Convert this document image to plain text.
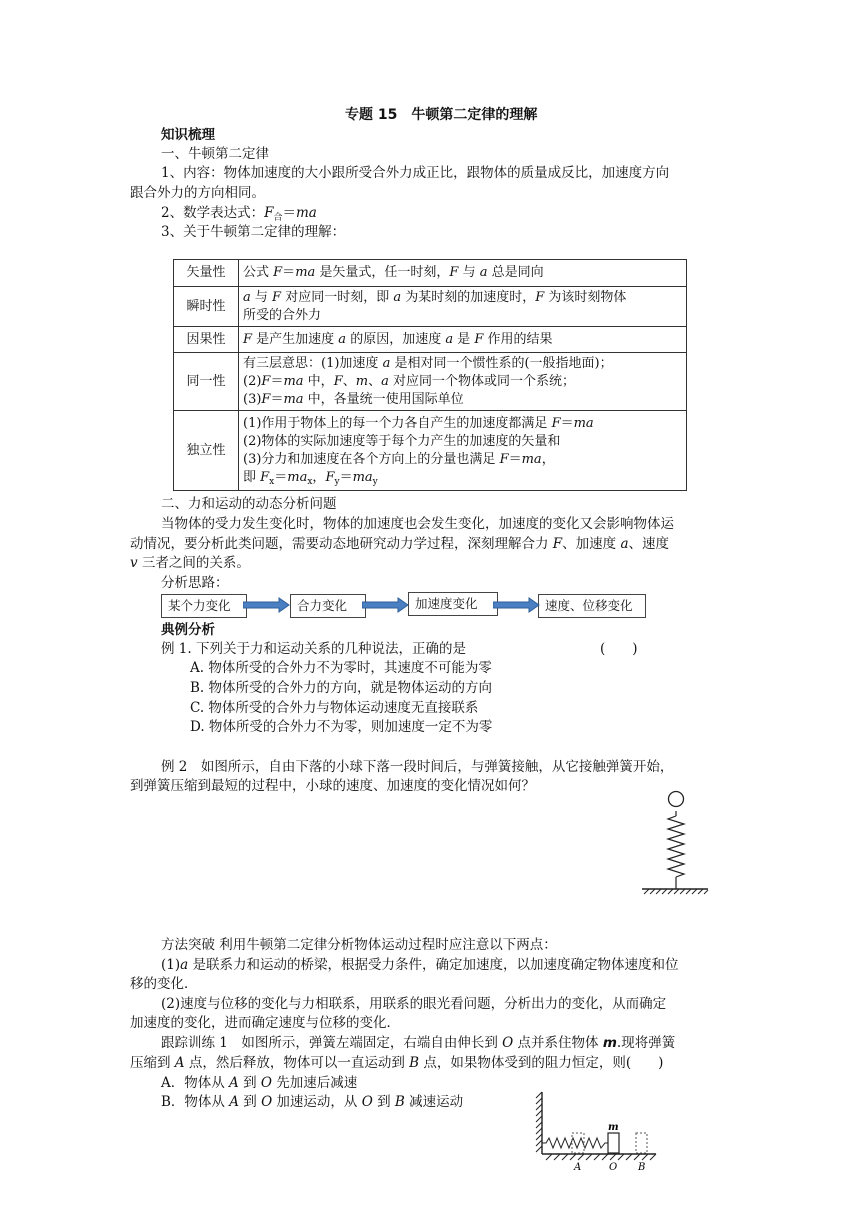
专题 15　牛顿第二定律的理解
知识梳理
一、牛顿第二定律
1、内容：物体加速度的大小跟所受合外力成正比，跟物体的质量成反比，加速度方向
跟合外力的方向相同。
2、数学表达式：$F_合=ma$
3、关于牛顿第二定律的理解：
矢量性	公式 F＝ma 是矢量式，任一时刻，F 与 a 总是同向
瞬时性	a 与 F 对应同一时刻，即 a 为某时刻的加速度时，F 为该时刻物体
所受的合外力
因果性	F 是产生加速度 a 的原因，加速度 a 是 F 作用的结果
同一性	有三层意思：(1)加速度 a 是相对同一个惯性系的(一般指地面)；
(2)F＝ma 中，F、m、a 对应同一个物体或同一个系统；
(3)F＝ma 中，各量统一使用国际单位
独立性	(1)作用于物体上的每一个力各自产生的加速度都满足 F＝ma
(2)物体的实际加速度等于每个力产生的加速度的矢量和
(3)分力和加速度在各个方向上的分量也满足 F＝ma，
即 $F_x=ma_x$，$F_y=ma_y$
二、力和运动的动态分析问题
当物体的受力发生变化时，物体的加速度也会发生变化，加速度的变化又会影响物体运
动情况，要分析此类问题，需要动态地研究动力学过程，深刻理解合力 F、加速度 a、速度
v 三者之间的关系。
分析思路：
某个力变化	合力变化	加速度变化	速度、位移变化
典例分析
例 1. 下列关于力和运动关系的几种说法，正确的是	(　　)
A. 物体所受的合外力不为零时，其速度不可能为零
B. 物体所受的合外力的方向，就是物体运动的方向
C. 物体所受的合外力与物体运动速度无直接联系
D. 物体所受的合外力不为零，则加速度一定不为零
例 2　如图所示，自由下落的小球下落一段时间后，与弹簧接触，从它接触弹簧开始，
到弹簧压缩到最短的过程中，小球的速度、加速度的变化情况如何？
方法突破 利用牛顿第二定律分析物体运动过程时应注意以下两点：
(1)a 是联系力和运动的桥梁，根据受力条件，确定加速度，以加速度确定物体速度和位
移的变化．
(2)速度与位移的变化与力相联系，用联系的眼光看问题，分析出力的变化，从而确定
加速度的变化，进而确定速度与位移的变化．
跟踪训练 1　如图所示，弹簧左端固定，右端自由伸长到 O 点并系住物体 m.现将弹簧
压缩到 A 点，然后释放，物体可以一直运动到 B 点，如果物体受到的阻力恒定，则(　　)
A．物体从 A 到 O 先加速后减速
B．物体从 A 到 O 加速运动，从 O 到 B 减速运动
m
A	O B
